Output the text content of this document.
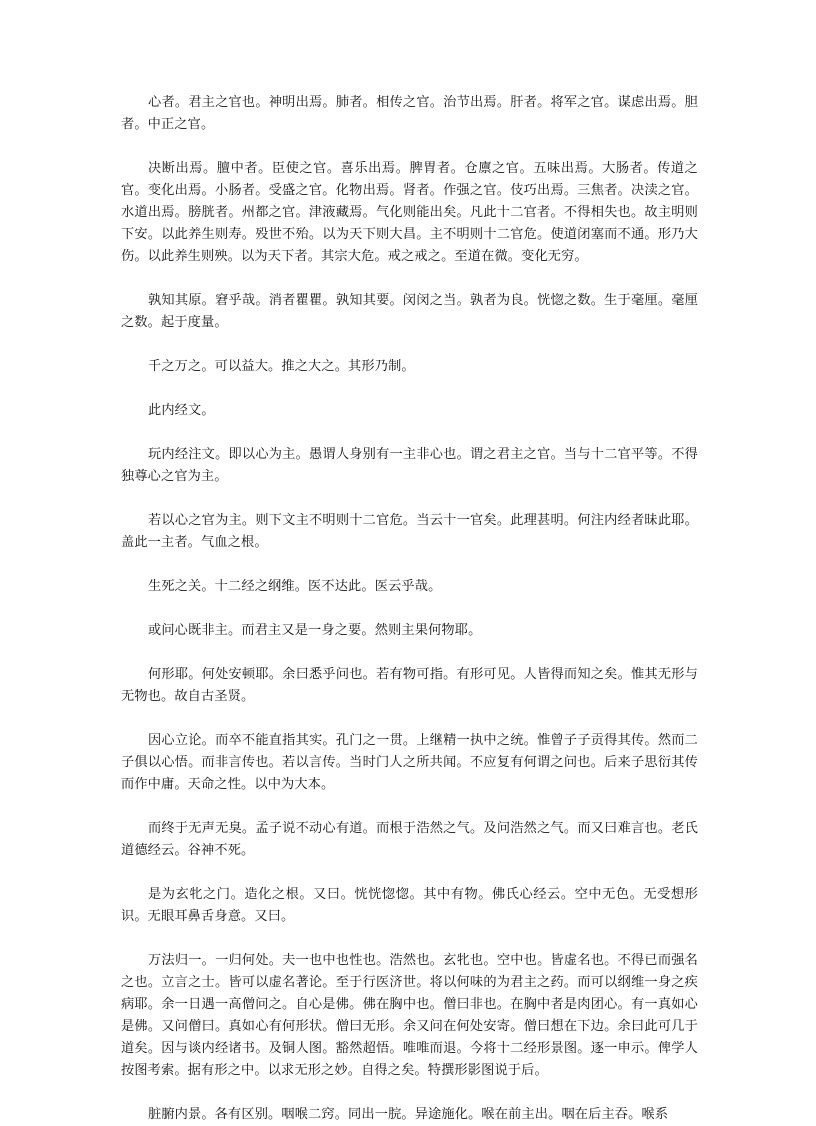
心者。君主之官也。神明出焉。肺者。相传之官。治节出焉。肝者。将军之官。谋虑出焉。胆者。中正之官。

决断出焉。膻中者。臣使之官。喜乐出焉。脾胃者。仓廪之官。五味出焉。大肠者。传道之官。变化出焉。小肠者。受盛之官。化物出焉。肾者。作强之官。伎巧出焉。三焦者。决渎之官。水道出焉。膀胱者。州都之官。津液藏焉。气化则能出矣。凡此十二官者。不得相失也。故主明则下安。以此养生则寿。殁世不殆。以为天下则大昌。主不明则十二官危。使道闭塞而不通。形乃大伤。以此养生则殃。以为天下者。其宗大危。戒之戒之。至道在微。变化无穷。

孰知其原。窘乎哉。消者瞿瞿。孰知其要。闵闵之当。孰者为良。恍惚之数。生于毫厘。毫厘之数。起于度量。

千之万之。可以益大。推之大之。其形乃制。

此内经文。

玩内经注文。即以心为主。愚谓人身别有一主非心也。谓之君主之官。当与十二官平等。不得独尊心之官为主。

若以心之官为主。则下文主不明则十二官危。当云十一官矣。此理甚明。何注内经者昧此耶。盖此一主者。气血之根。

生死之关。十二经之纲维。医不达此。医云乎哉。

或问心既非主。而君主又是一身之要。然则主果何物耶。

何形耶。何处安顿耶。余曰悉乎问也。若有物可指。有形可见。人皆得而知之矣。惟其无形与无物也。故自古圣贤。

因心立论。而卒不能直指其实。孔门之一贯。上继精一执中之统。惟曾子子贡得其传。然而二子俱以心悟。而非言传也。若以言传。当时门人之所共闻。不应复有何谓之问也。后来子思衍其传而作中庸。天命之性。以中为大本。

而终于无声无臭。孟子说不动心有道。而根于浩然之气。及问浩然之气。而又曰难言也。老氏道德经云。谷神不死。

是为玄牝之门。造化之根。又曰。恍恍惚惚。其中有物。佛氏心经云。空中无色。无受想形识。无眼耳鼻舌身意。又曰。

万法归一。一归何处。夫一也中也性也。浩然也。玄牝也。空中也。皆虚名也。不得已而强名之也。立言之士。皆可以虚名著论。至于行医济世。将以何味的为君主之药。而可以纲维一身之疾病耶。余一日遇一高僧问之。自心是佛。佛在胸中也。僧曰非也。在胸中者是肉团心。有一真如心是佛。又问僧曰。真如心有何形状。僧曰无形。余又问在何处安寄。僧曰想在下边。余曰此可几于道矣。因与谈内经诸书。及铜人图。豁然超悟。唯唯而退。今将十二经形景图。逐一申示。俾学人按图考索。据有形之中。以求无形之妙。自得之矣。特撰形影图说于后。

脏腑内景。各有区别。咽喉二窍。同出一脘。异途施化。喉在前主出。咽在后主吞。喉系
